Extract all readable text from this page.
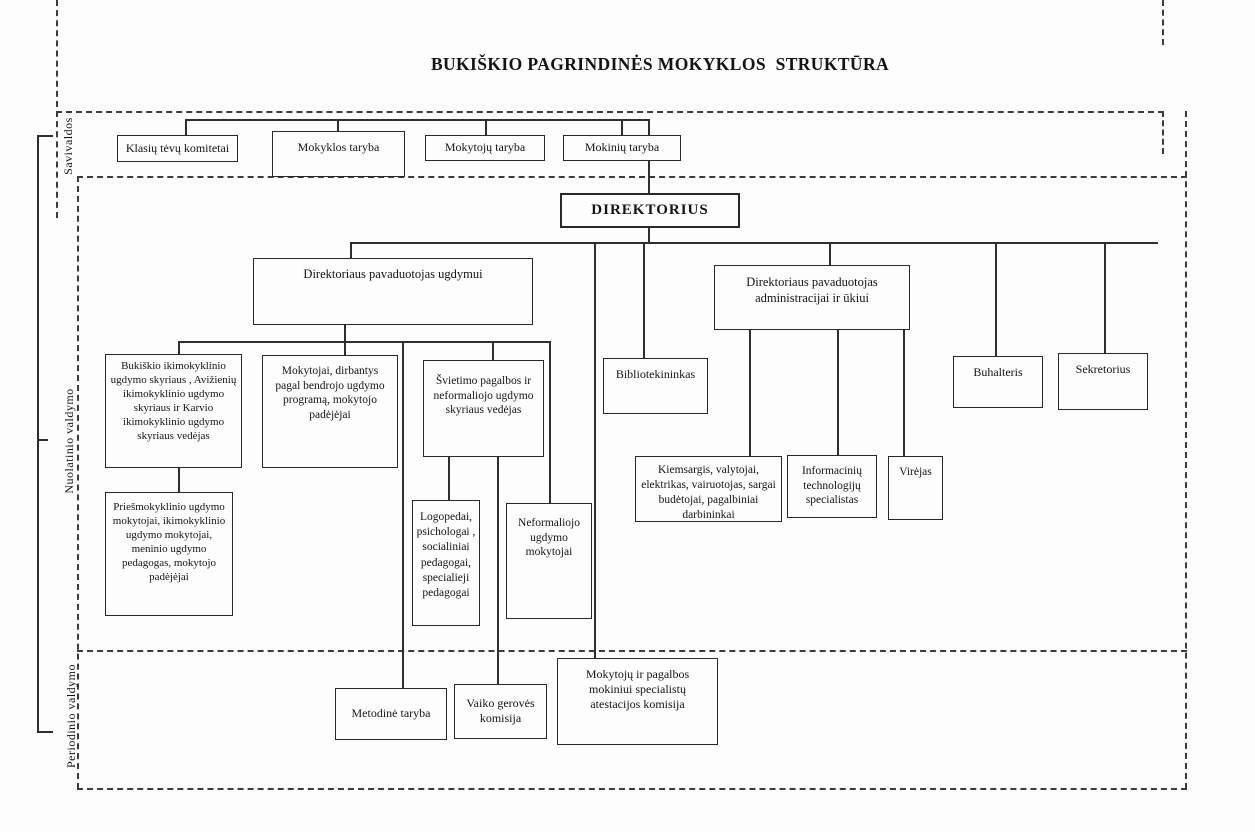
BUKIŠKIO PAGRINDINĖS MOKYKLOS  STRUKTŪRA
Savivaldos
Nuolatinio valdymo
Periodinio valdymo
Klasių tėvų komitetai	Mokyklos taryba	Mokytojų taryba	Mokinių taryba
DIREKTORIUS
Direktoriaus pavaduotojas ugdymui
Direktoriaus pavaduotojas administracijai ir ūkiui
Bukiškio ikimokyklinio ugdymo skyriaus , Avižienių ikimokyklinio ugdymo skyriaus ir Karvio ikimokyklinio ugdymo skyriaus vedėjas
Mokytojai, dirbantys pagal bendrojo ugdymo programą, mokytojo padėjėjai
Švietimo pagalbos ir neformaliojo ugdymo skyriaus vedėjas
Bibliotekininkas	Buhalteris	Sekretorius
Priešmokyklinio ugdymo mokytojai, ikimokyklinio ugdymo mokytojai, meninio ugdymo pedagogas, mokytojo padėjėjai
Logopedai, psichologai , socialiniai pedagogai, specialieji pedagogai
Neformaliojo ugdymo mokytojai
Kiemsargis, valytojai, elektrikas, vairuotojas, sargai budėtojai, pagalbiniai darbininkai
Informacinių technologijų specialistas
Virėjas
Metodinė taryba
Vaiko gerovės komisija
Mokytojų ir pagalbos mokiniui specialistų atestacijos komisija
